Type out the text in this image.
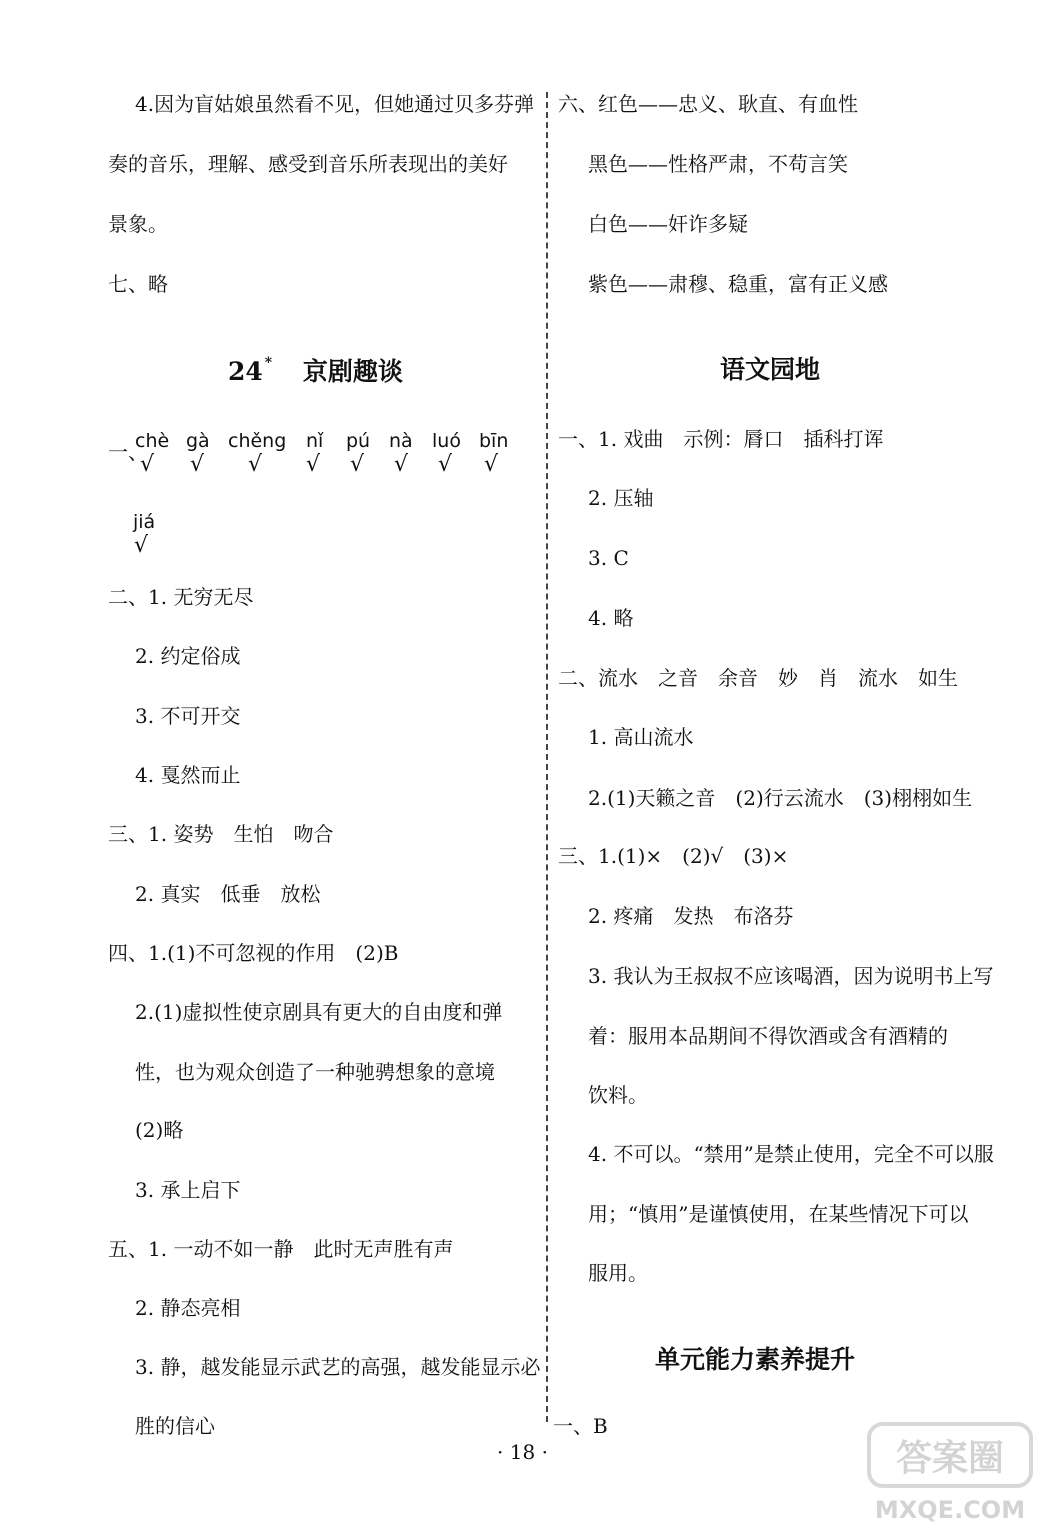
4.因为盲姑娘虽然看不见，但她通过贝多芬弹
奏的音乐，理解、感受到音乐所表现出的美好
景象。
七、略
24 * 京剧趣谈
一、
chè
√
gà
√
chěng
√
nǐ
√
pú
√
nà
√
luó
√
bīn
√
jiá
√
二、1. 无穷无尽
2. 约定俗成
3. 不可开交
4. 戛然而止
三、1. 姿势　生怕　吻合
2. 真实　低垂　放松
四、1.(1)不可忽视的作用　(2)B
2.(1)虚拟性使京剧具有更大的自由度和弹
性，也为观众创造了一种驰骋想象的意境
(2)略
3. 承上启下
五、1. 一动不如一静　此时无声胜有声
2. 静态亮相
3. 静，越发能显示武艺的高强，越发能显示必
胜的信心
六、红色——忠义、耿直、有血性
黑色——性格严肃，不苟言笑
白色——奸诈多疑
紫色——肃穆、稳重，富有正义感
语文园地
一、1. 戏曲　示例：脣口　插科打诨
2. 压轴
3. C
4. 略
二、流水　之音　余音　妙　肖　流水　如生
1. 高山流水
2.(1)天籁之音　(2)行云流水　(3)栩栩如生
三、1.(1)×　(2)√　(3)×
2. 疼痛　发热　布洛芬
3. 我认为王叔叔不应该喝酒，因为说明书上写
着：服用本品期间不得饮酒或含有酒精的
饮料。
4. 不可以。“禁用”是禁止使用，完全不可以服
用；“慎用”是谨慎使用，在某些情况下可以
服用。
单元能力素养提升
一、B
· 18 ·	答案圈
MXQE.COM
